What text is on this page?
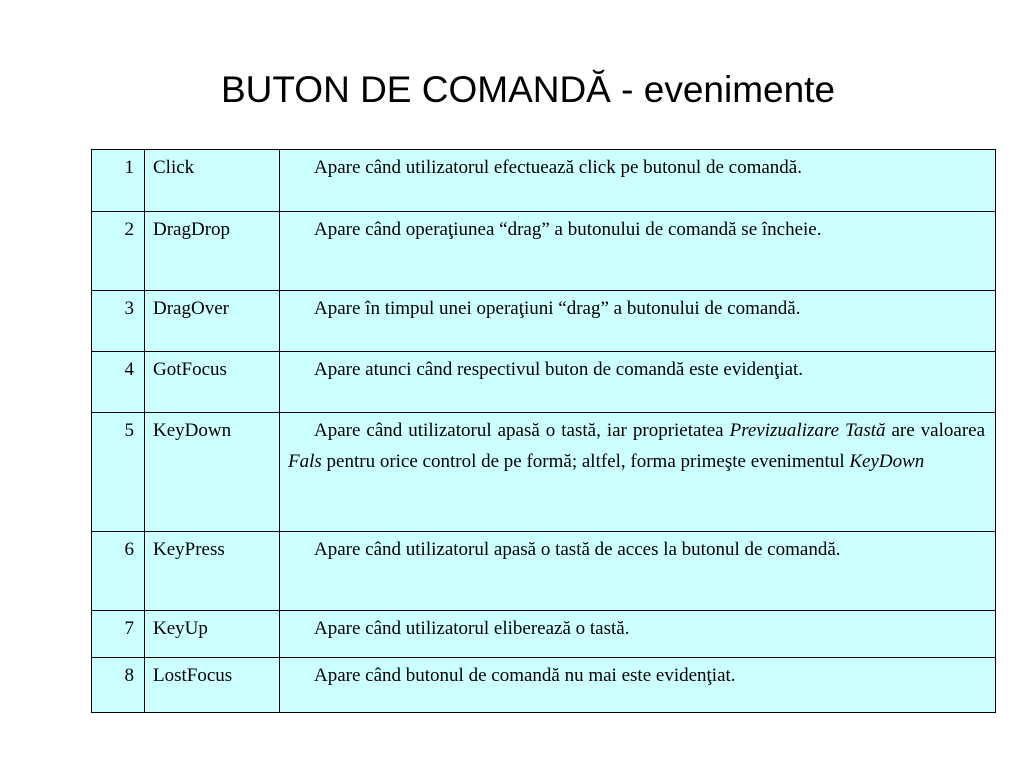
BUTON DE COMANDĂ - evenimente
1	Click	Apare când utilizatorul efectuează click pe butonul de comandă.
2	DragDrop	Apare când operaţiunea “drag” a butonului de comandă se încheie.
3	DragOver	Apare în timpul unei operaţiuni “drag” a butonului de comandă.
4	GotFocus	Apare atunci când respectivul buton de comandă este evidenţiat.
5	KeyDown	Apare când utilizatorul apasă o tastă, iar proprietatea Previzualizare Tastă are valoarea Fals pentru orice control de pe formă; altfel, forma primeşte evenimentul KeyDown
6	KeyPress	Apare când utilizatorul apasă o tastă de acces la butonul de comandă.
7	KeyUp	Apare când utilizatorul eliberează o tastă.
8	LostFocus	Apare când butonul de comandă nu mai este evidenţiat.
